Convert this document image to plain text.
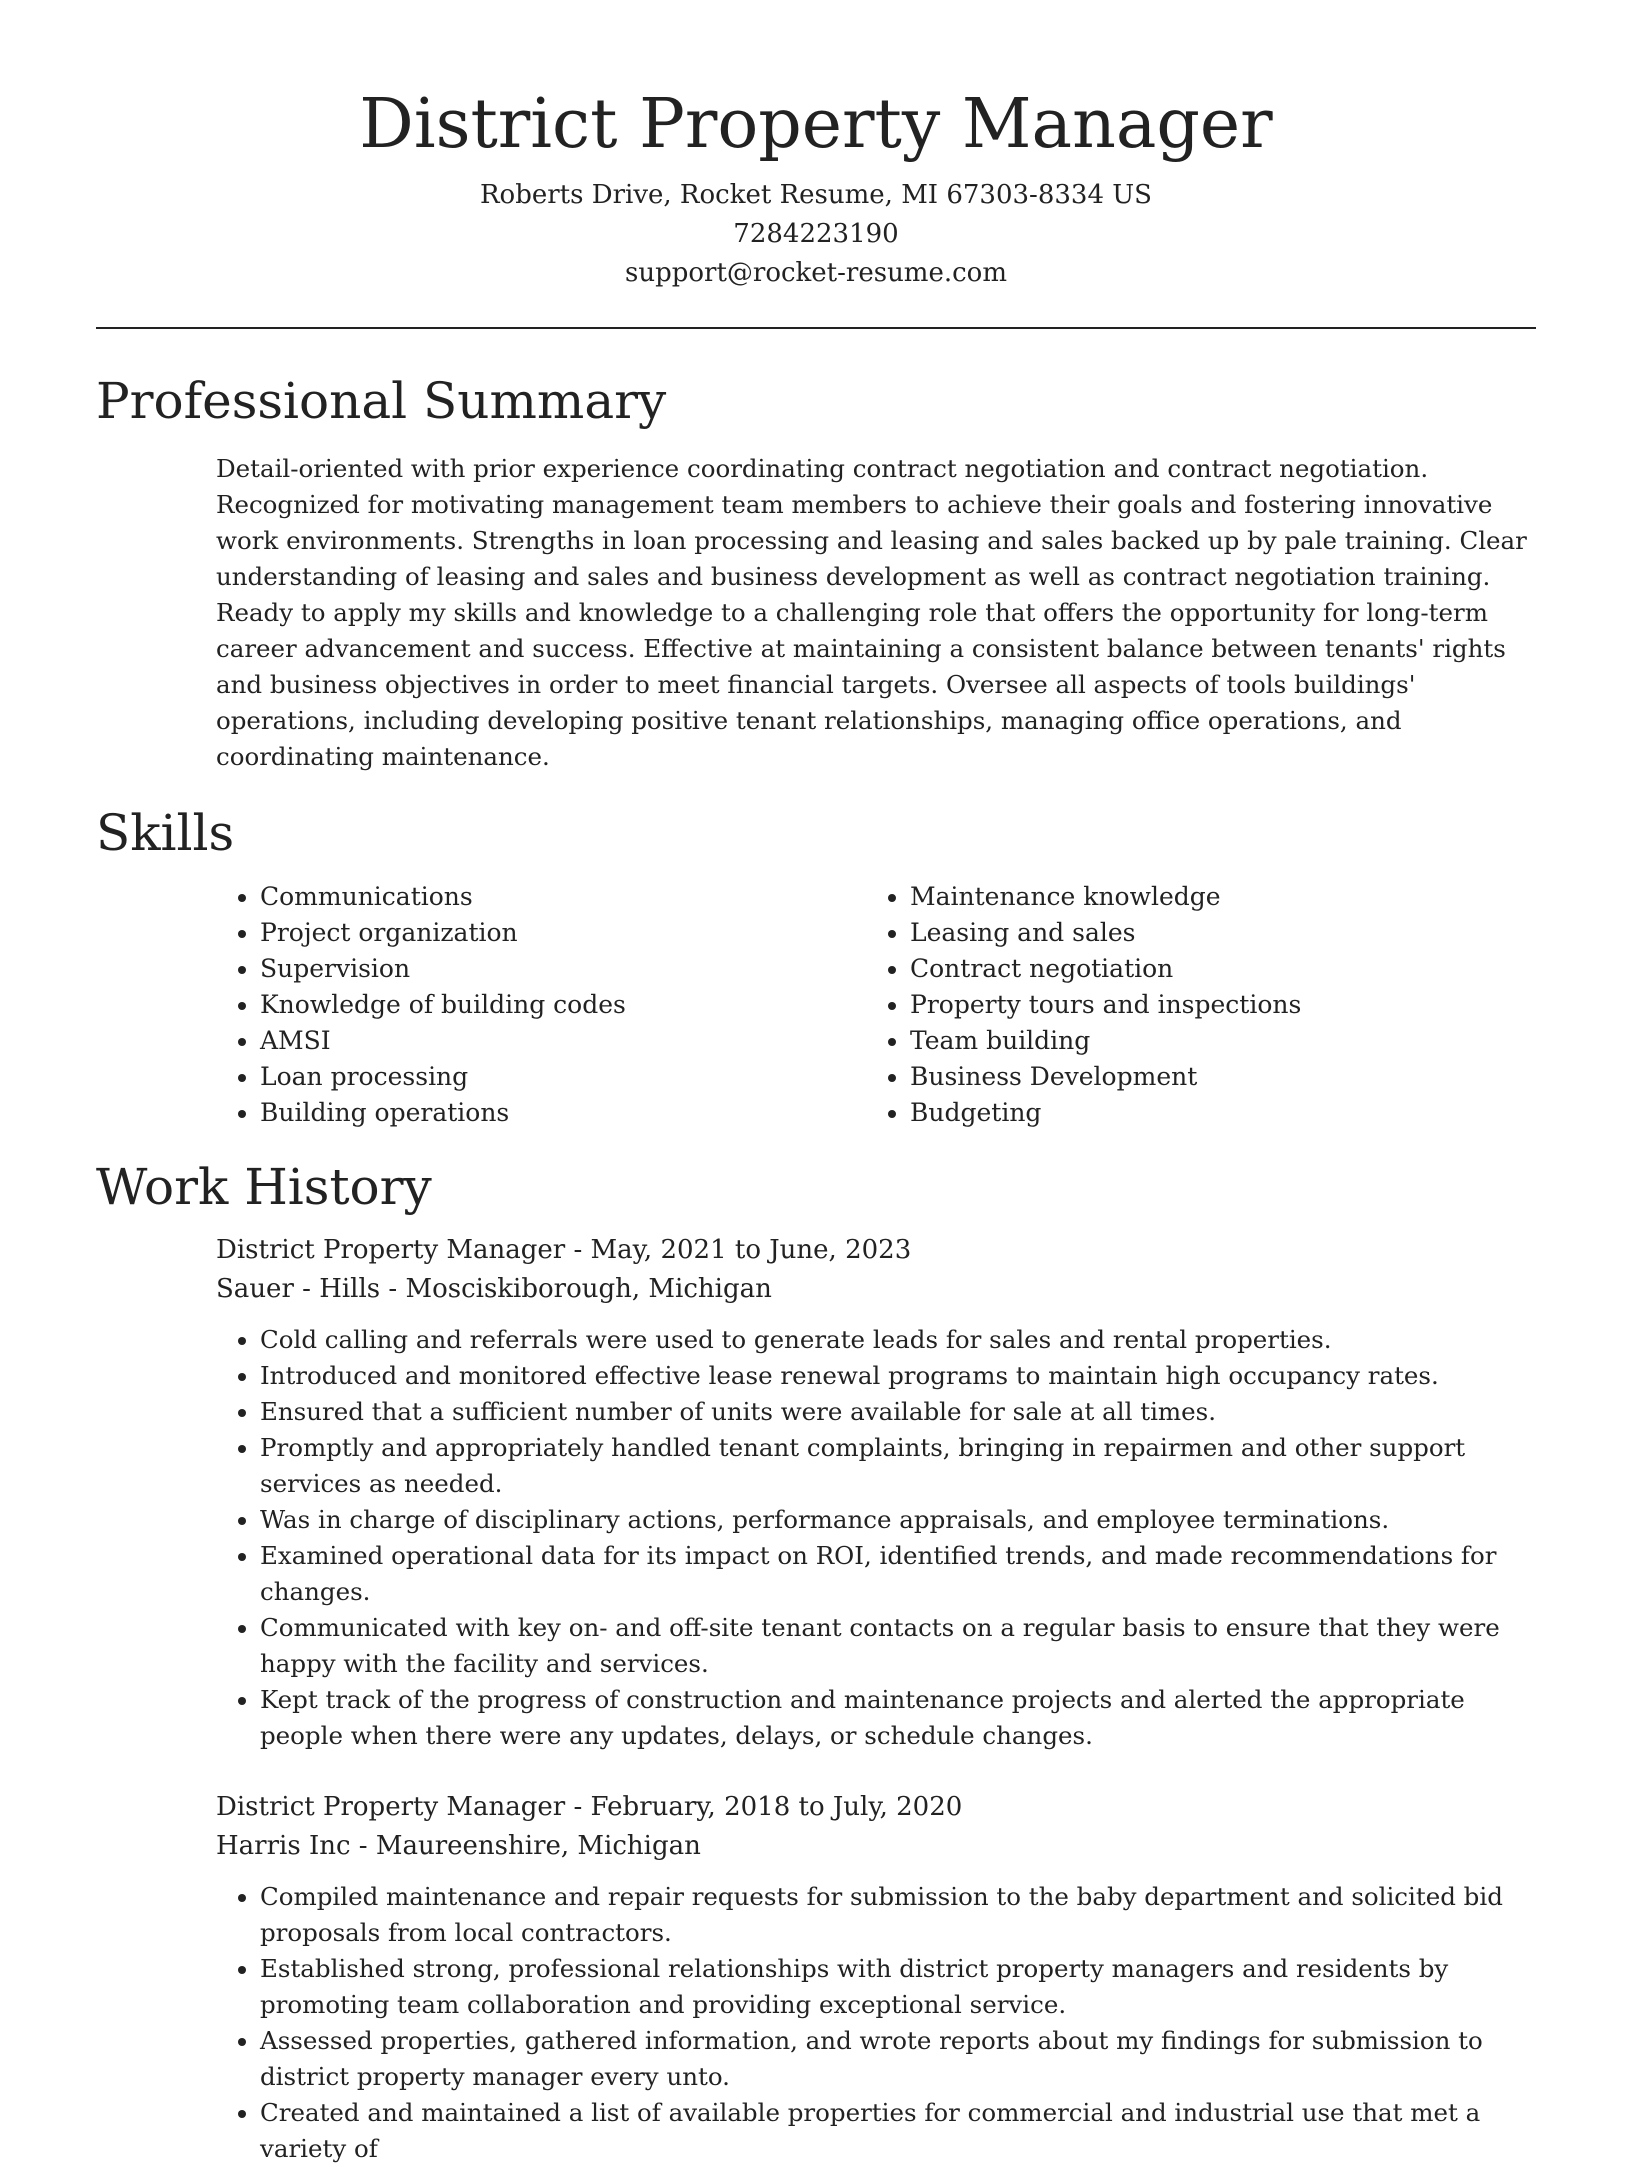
District Property Manager

Roberts Drive, Rocket Resume, MI 67303-8334 US

7284223190

support@rocket-resume.com

Professional Summary

Detail-oriented with prior experience coordinating contract negotiation and contract negotiation. Recognized for motivating management team members to achieve their goals and fostering innovative work environments. Strengths in loan processing and leasing and sales backed up by pale training. Clear understanding of leasing and sales and business development as well as contract negotiation training. Ready to apply my skills and knowledge to a challenging role that offers the opportunity for long-term career advancement and success. Effective at maintaining a consistent balance between tenants' rights and business objectives in order to meet financial targets. Oversee all aspects of tools buildings' operations, including developing positive tenant relationships, managing office operations, and coordinating maintenance.

Skills
• Communications
• Project organization
• Supervision
• Knowledge of building codes
• AMSI
• Loan processing
• Building operations
• Maintenance knowledge
• Leasing and sales
• Contract negotiation
• Property tours and inspections
• Team building
• Business Development
• Budgeting
Work History

District Property Manager - May, 2021 to June, 2023

Sauer - Hills - Mosciskiborough, Michigan

• Cold calling and referrals were used to generate leads for sales and rental properties.
• Introduced and monitored effective lease renewal programs to maintain high occupancy rates.
• Ensured that a sufficient number of units were available for sale at all times.
• Promptly and appropriately handled tenant complaints, bringing in repairmen and other support services as needed.
• Was in charge of disciplinary actions, performance appraisals, and employee terminations.
• Examined operational data for its impact on ROI, identified trends, and made recommendations for changes.
• Communicated with key on- and off-site tenant contacts on a regular basis to ensure that they were happy with the facility and services.
• Kept track of the progress of construction and maintenance projects and alerted the appropriate people when there were any updates, delays, or schedule changes.

District Property Manager - February, 2018 to July, 2020

Harris Inc - Maureenshire, Michigan

• Compiled maintenance and repair requests for submission to the baby department and solicited bid proposals from local contractors.
• Established strong, professional relationships with district property managers and residents by promoting team collaboration and providing exceptional service.
• Assessed properties, gathered information, and wrote reports about my findings for submission to district property manager every unto.
• Created and maintained a list of available properties for commercial and industrial use that met a variety of
